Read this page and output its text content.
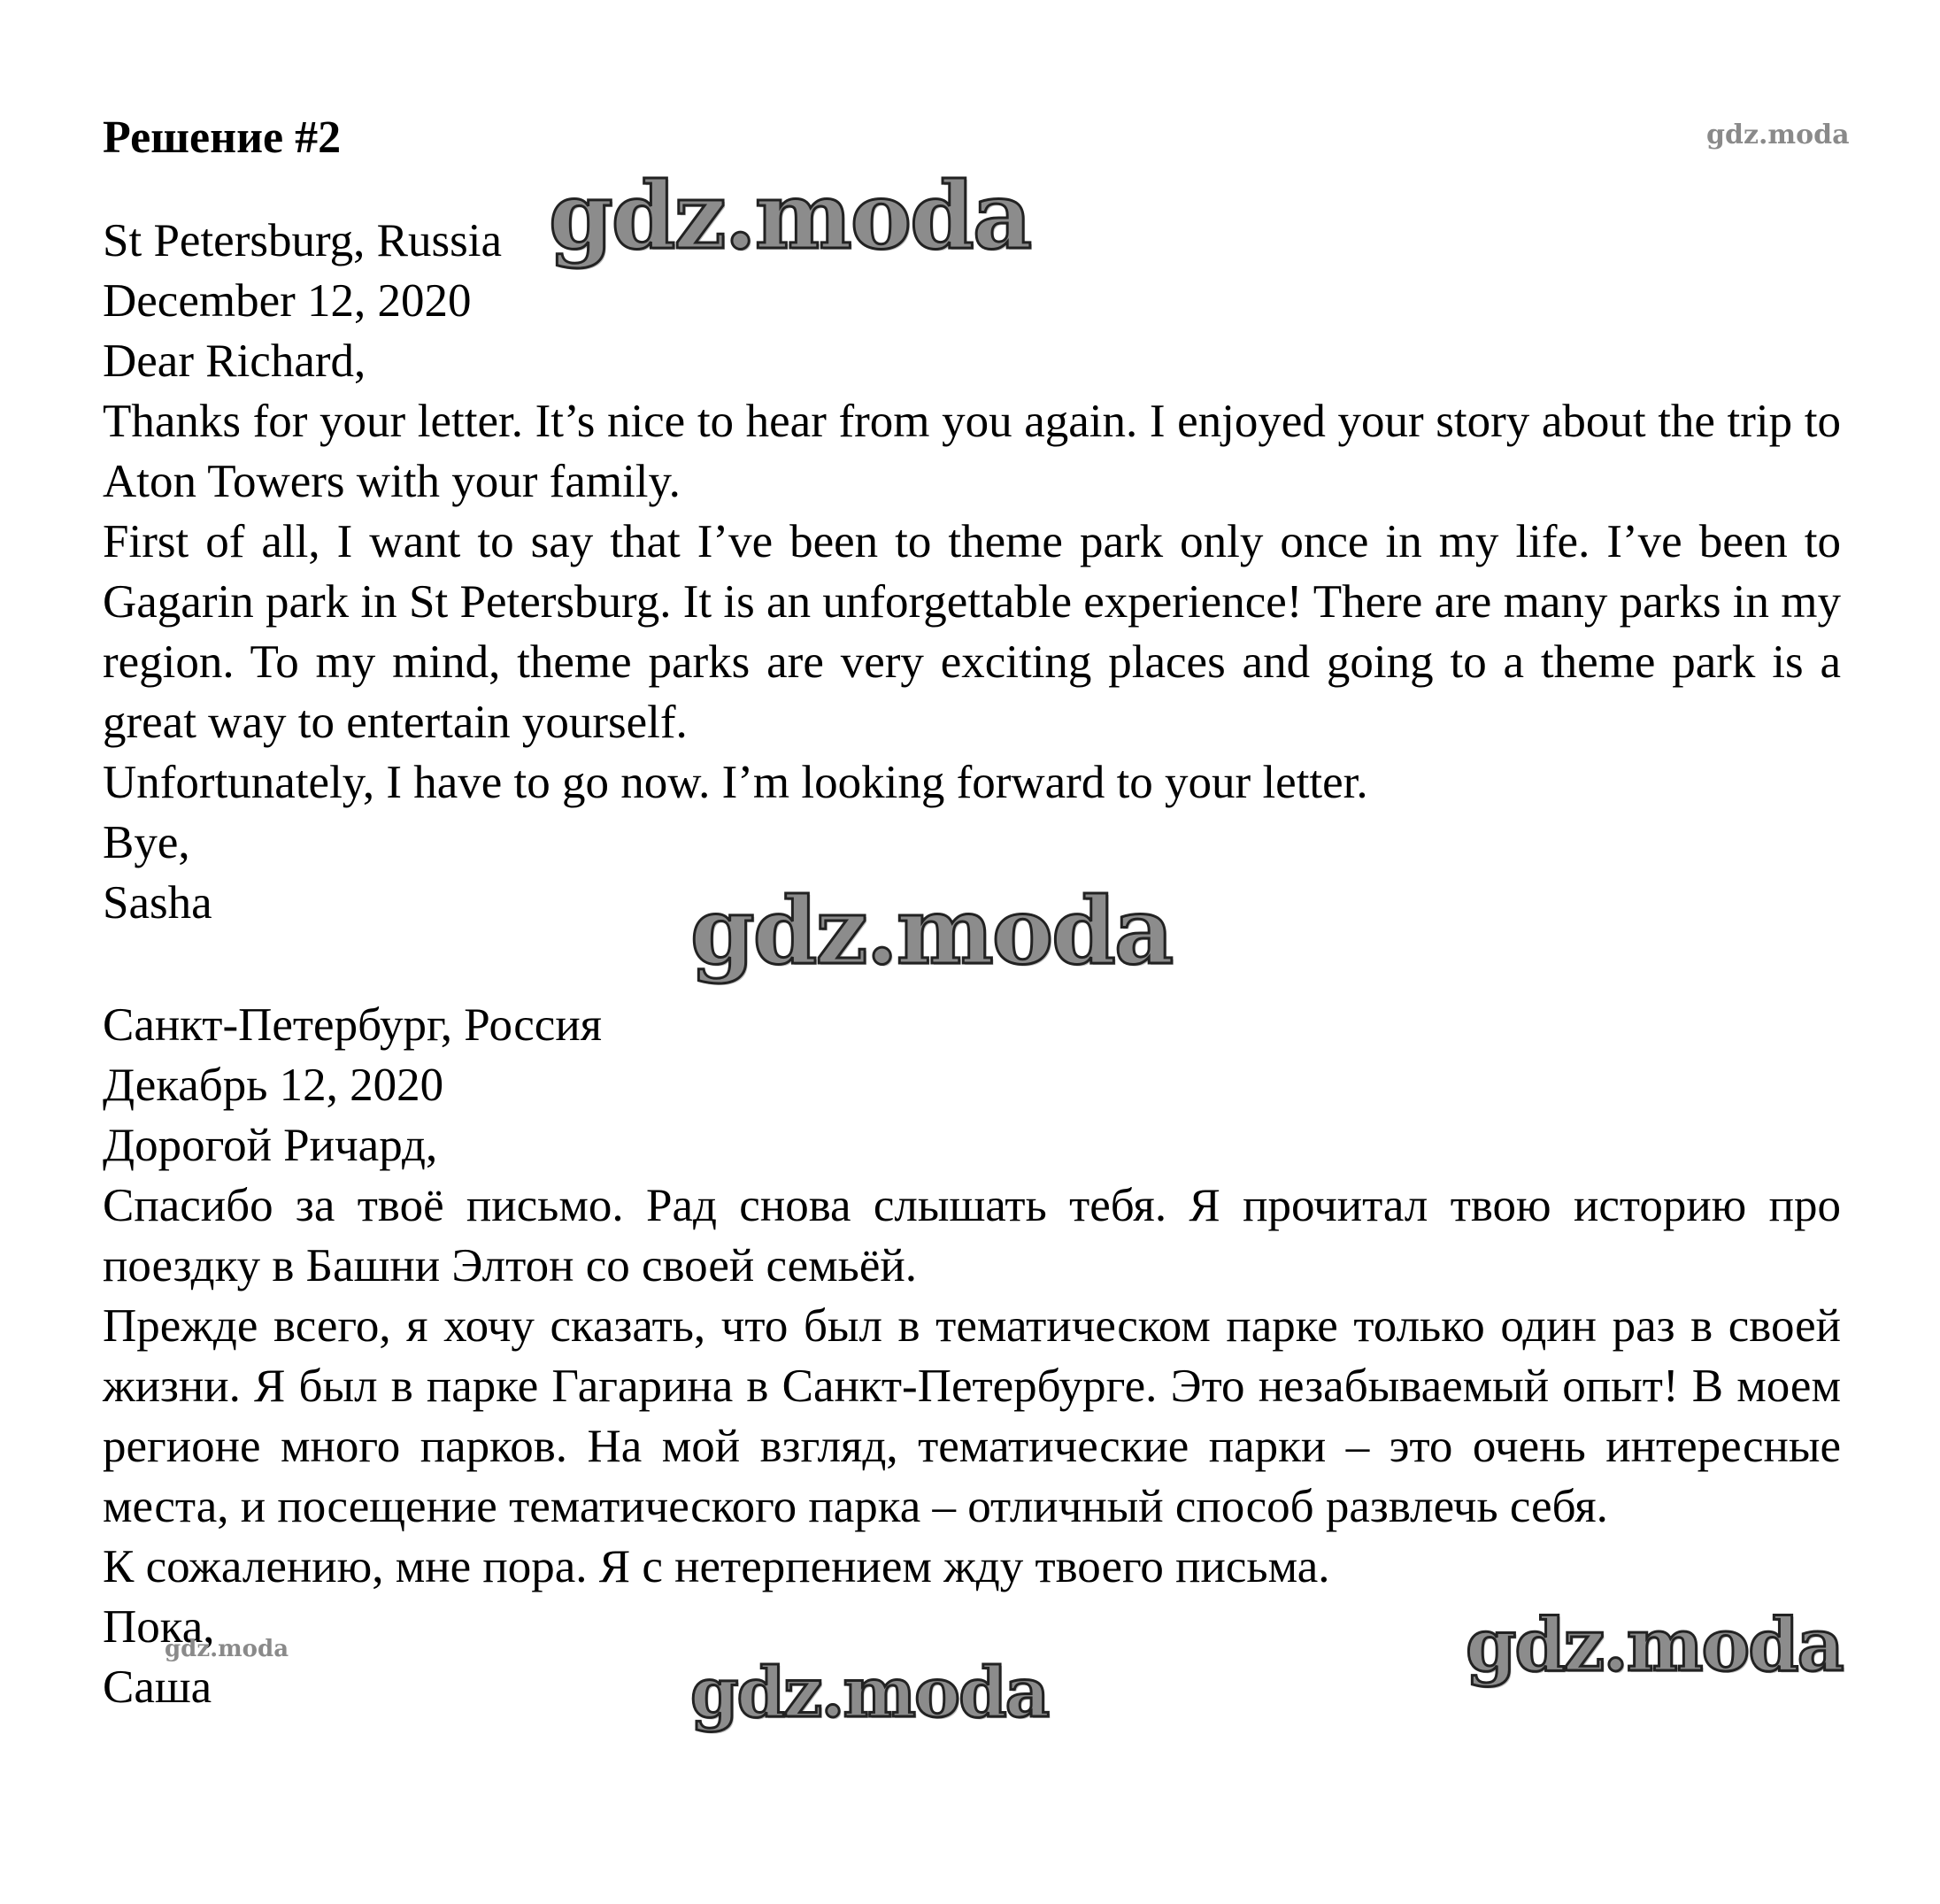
Решение #2

St Petersburg, Russia

December 12, 2020

Dear Richard,

Thanks for your letter. It’s nice to hear from you again. I enjoyed your story about the trip to Aton Towers with your family.

First of all, I want to say that I’ve been to theme park only once in my life. I’ve been to Gagarin park in St Petersburg. It is an unforgettable experience! There are many parks in my region. To my mind, theme parks are very exciting places and going to a theme park is a great way to entertain yourself.

Unfortunately, I have to go now. I’m looking forward to your letter.

Bye,

Sasha

Санкт-Петербург, Россия

Декабрь 12, 2020

Дорогой Ричард,

Спасибо за твоё письмо. Рад снова слышать тебя. Я прочитал твою историю про поездку в Башни Элтон со своей семьёй.

Прежде всего, я хочу сказать, что был в тематическом парке только один раз в своей жизни. Я был в парке Гагарина в Санкт-Петербурге. Это незабываемый опыт! В моем регионе много парков. На мой взгляд, тематические парки – это очень интересные места, и посещение тематического парка – отличный способ развлечь себя.

К сожалению, мне пора. Я с нетерпением жду твоего письма.

Пока,

Саша

gdz.moda
gdz.moda
gdz.moda
gdz.moda
gdz.moda
gdz.moda
